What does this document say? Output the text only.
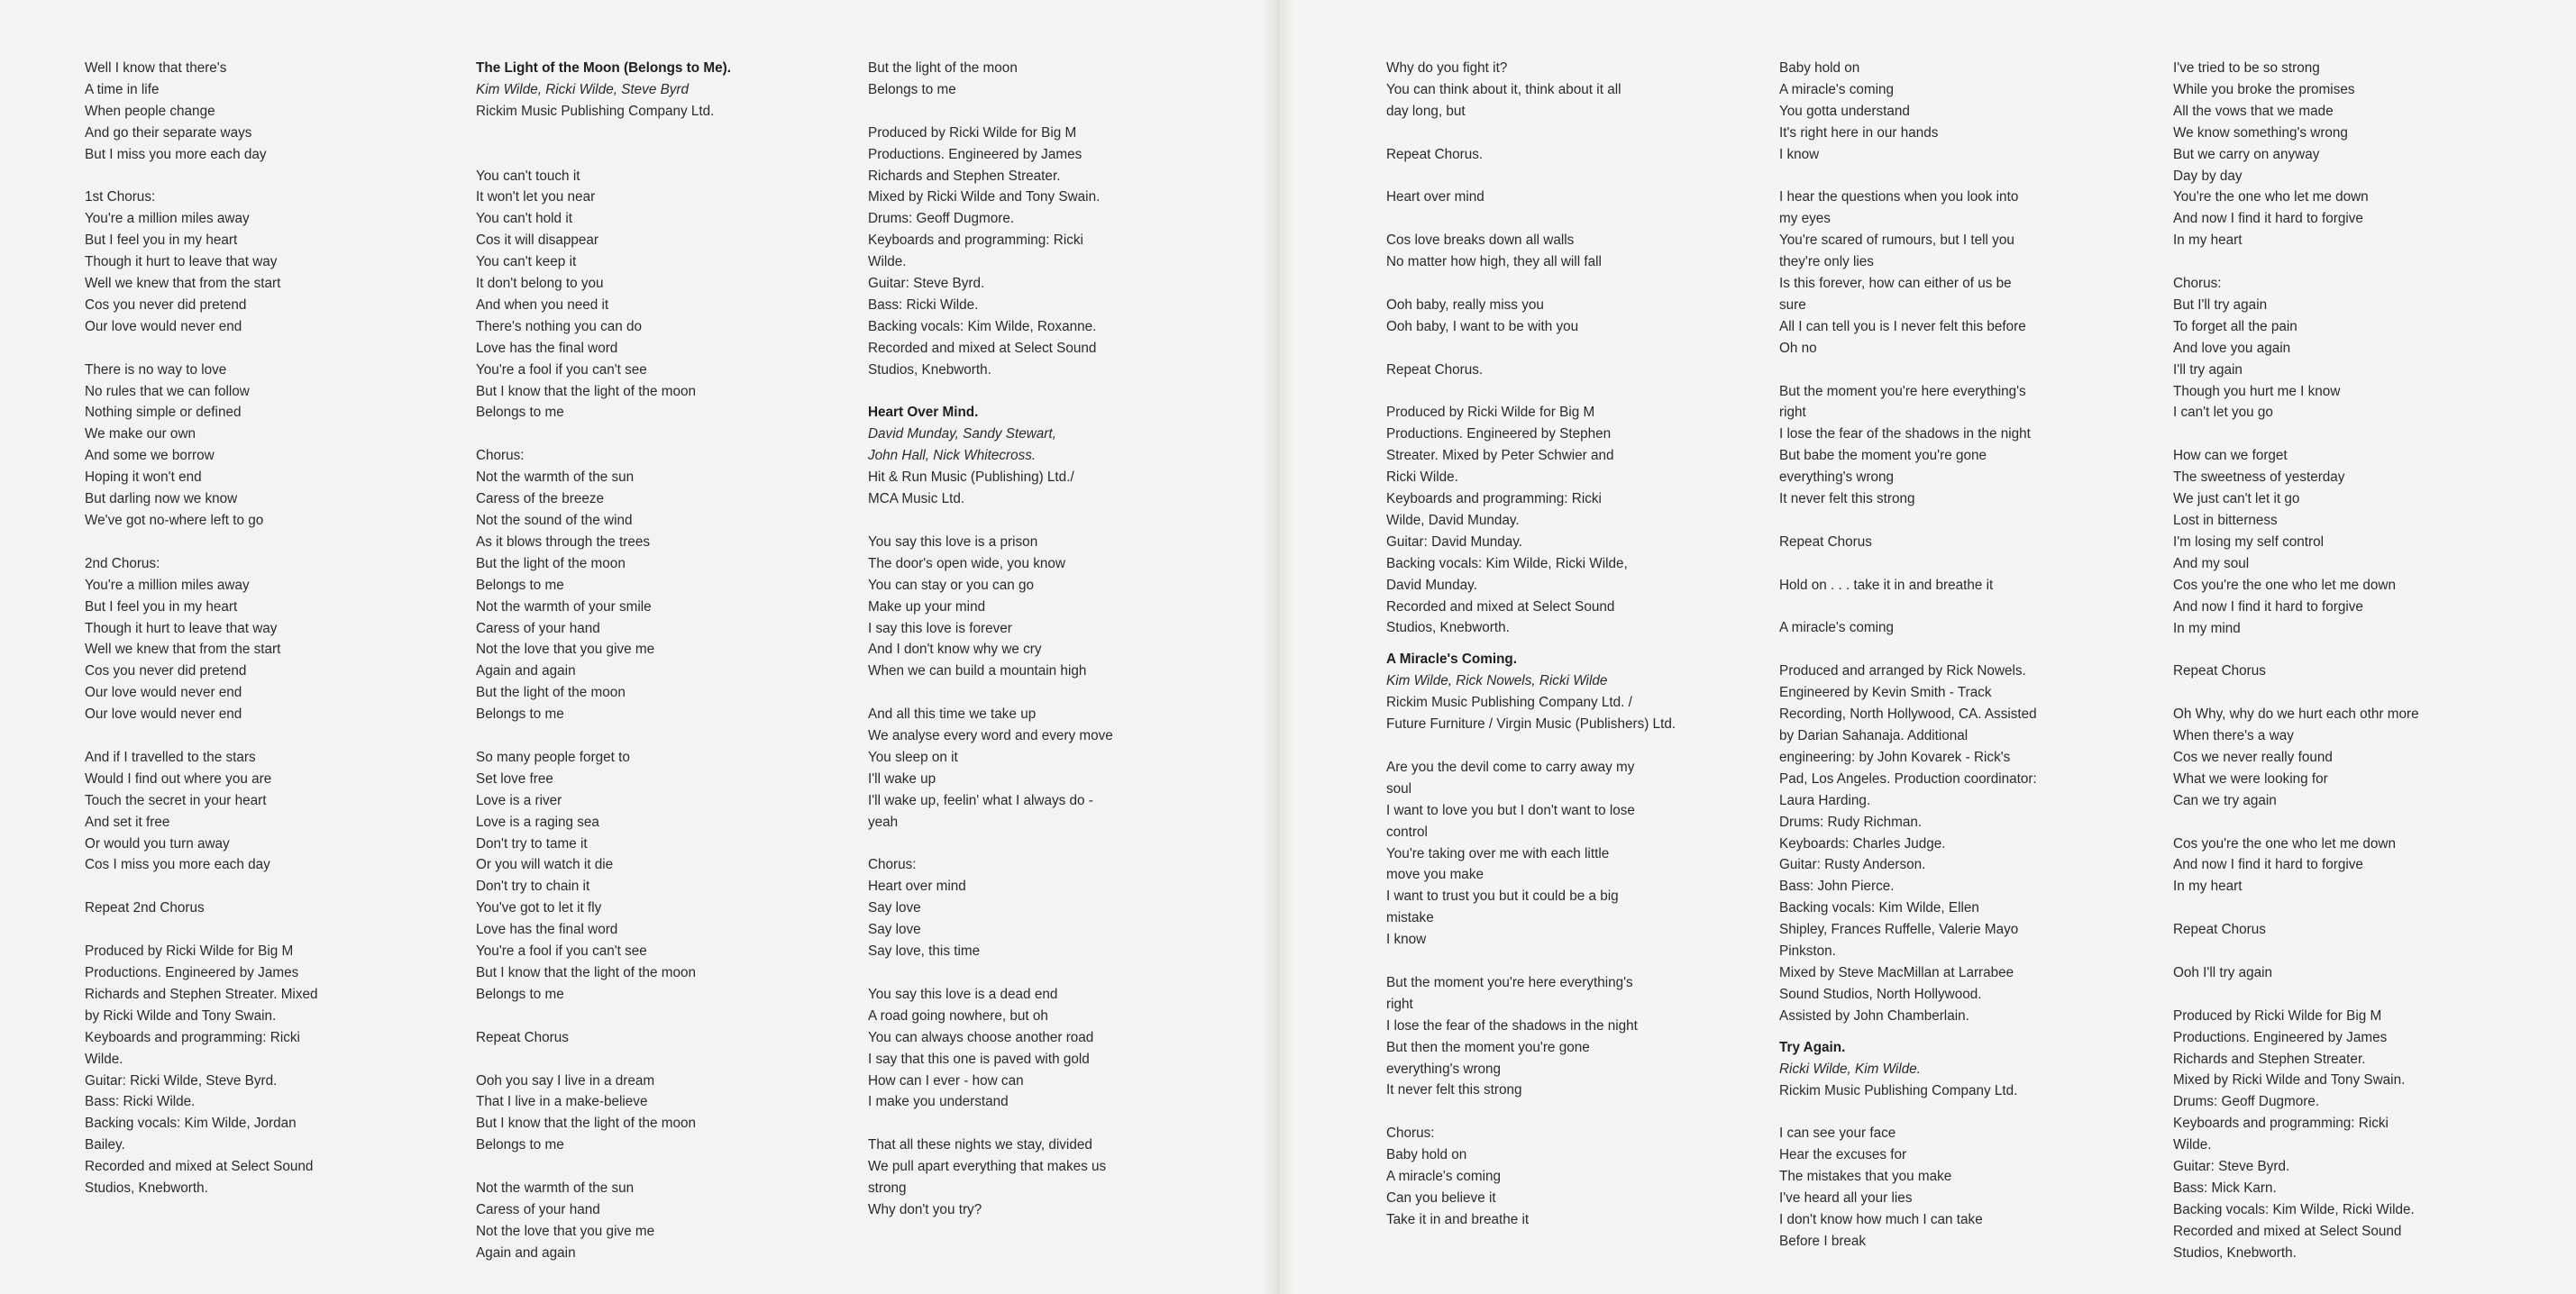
Well I know that there's
A time in life
When people change
And go their separate ways
But I miss you more each day
1st Chorus:
You're a million miles away
But I feel you in my heart
Though it hurt to leave that way
Well we knew that from the start
Cos you never did pretend
Our love would never end
There is no way to love
No rules that we can follow
Nothing simple or defined
We make our own
And some we borrow
Hoping it won't end
But darling now we know
We've got no-where left to go
2nd Chorus:
You're a million miles away
But I feel you in my heart
Though it hurt to leave that way
Well we knew that from the start
Cos you never did pretend
Our love would never end
Our love would never end
And if I travelled to the stars
Would I find out where you are
Touch the secret in your heart
And set it free
Or would you turn away
Cos I miss you more each day
Repeat 2nd Chorus
Produced by Ricki Wilde for Big M
Productions. Engineered by James
Richards and Stephen Streater. Mixed
by Ricki Wilde and Tony Swain.
Keyboards and programming: Ricki
Wilde.
Guitar: Ricki Wilde, Steve Byrd.
Bass: Ricki Wilde.
Backing vocals: Kim Wilde, Jordan
Bailey.
Recorded and mixed at Select Sound
Studios, Knebworth.
The Light of the Moon (Belongs to Me).
Kim Wilde, Ricki Wilde, Steve Byrd
Rickim Music Publishing Company Ltd.
You can't touch it
It won't let you near
You can't hold it
Cos it will disappear
You can't keep it
It don't belong to you
And when you need it
There's nothing you can do
Love has the final word
You're a fool if you can't see
But I know that the light of the moon
Belongs to me
Chorus:
Not the warmth of the sun
Caress of the breeze
Not the sound of the wind
As it blows through the trees
But the light of the moon
Belongs to me
Not the warmth of your smile
Caress of your hand
Not the love that you give me
Again and again
But the light of the moon
Belongs to me
So many people forget to
Set love free
Love is a river
Love is a raging sea
Don't try to tame it
Or you will watch it die
Don't try to chain it
You've got to let it fly
Love has the final word
You're a fool if you can't see
But I know that the light of the moon
Belongs to me
Repeat Chorus
Ooh you say I live in a dream
That I live in a make-believe
But I know that the light of the moon
Belongs to me
Not the warmth of the sun
Caress of your hand
Not the love that you give me
Again and again
But the light of the moon
Belongs to me
Produced by Ricki Wilde for Big M
Productions. Engineered by James
Richards and Stephen Streater.
Mixed by Ricki Wilde and Tony Swain.
Drums: Geoff Dugmore.
Keyboards and programming: Ricki
Wilde.
Guitar: Steve Byrd.
Bass: Ricki Wilde.
Backing vocals: Kim Wilde, Roxanne.
Recorded and mixed at Select Sound
Studios, Knebworth.
Heart Over Mind.
David Munday, Sandy Stewart,
John Hall, Nick Whitecross.
Hit & Run Music (Publishing) Ltd./
MCA Music Ltd.
You say this love is a prison
The door's open wide, you know
You can stay or you can go
Make up your mind
I say this love is forever
And I don't know why we cry
When we can build a mountain high
And all this time we take up
We analyse every word and every move
You sleep on it
I'll wake up
I'll wake up, feelin' what I always do -
yeah
Chorus:
Heart over mind
Say love
Say love
Say love, this time
You say this love is a dead end
A road going nowhere, but oh
You can always choose another road
I say that this one is paved with gold
How can I ever - how can
I make you understand
That all these nights we stay, divided
We pull apart everything that makes us
strong
Why don't you try?
Why do you fight it?
You can think about it, think about it all
day long, but
Repeat Chorus.
Heart over mind
Cos love breaks down all walls
No matter how high, they all will fall
Ooh baby, really miss you
Ooh baby, I want to be with you
Repeat Chorus.
Produced by Ricki Wilde for Big M
Productions. Engineered by Stephen
Streater. Mixed by Peter Schwier and
Ricki Wilde.
Keyboards and programming: Ricki
Wilde, David Munday.
Guitar: David Munday.
Backing vocals: Kim Wilde, Ricki Wilde,
David Munday.
Recorded and mixed at Select Sound
Studios, Knebworth.
A Miracle's Coming.
Kim Wilde, Rick Nowels, Ricki Wilde
Rickim Music Publishing Company Ltd. /
Future Furniture / Virgin Music (Publishers) Ltd.
Are you the devil come to carry away my
soul
I want to love you but I don't want to lose
control
You're taking over me with each little
move you make
I want to trust you but it could be a big
mistake
I know
But the moment you're here everything's
right
I lose the fear of the shadows in the night
But then the moment you're gone
everything's wrong
It never felt this strong
Chorus:
Baby hold on
A miracle's coming
Can you believe it
Take it in and breathe it
Baby hold on
A miracle's coming
You gotta understand
It's right here in our hands
I know
I hear the questions when you look into
my eyes
You're scared of rumours, but I tell you
they're only lies
Is this forever, how can either of us be
sure
All I can tell you is I never felt this before
Oh no
But the moment you're here everything's
right
I lose the fear of the shadows in the night
But babe the moment you're gone
everything's wrong
It never felt this strong
Repeat Chorus
Hold on . . . take it in and breathe it
A miracle's coming
Produced and arranged by Rick Nowels.
Engineered by Kevin Smith - Track
Recording, North Hollywood, CA. Assisted
by Darian Sahanaja. Additional
engineering: by John Kovarek - Rick's
Pad, Los Angeles. Production coordinator:
Laura Harding.
Drums: Rudy Richman.
Keyboards: Charles Judge.
Guitar: Rusty Anderson.
Bass: John Pierce.
Backing vocals: Kim Wilde, Ellen
Shipley, Frances Ruffelle, Valerie Mayo
Pinkston.
Mixed by Steve MacMillan at Larrabee
Sound Studios, North Hollywood.
Assisted by John Chamberlain.
Try Again.
Ricki Wilde, Kim Wilde.
Rickim Music Publishing Company Ltd.
I can see your face
Hear the excuses for
The mistakes that you make
I've heard all your lies
I don't know how much I can take
Before I break
I've tried to be so strong
While you broke the promises
All the vows that we made
We know something's wrong
But we carry on anyway
Day by day
You're the one who let me down
And now I find it hard to forgive
In my heart
Chorus:
But I'll try again
To forget all the pain
And love you again
I'll try again
Though you hurt me I know
I can't let you go
How can we forget
The sweetness of yesterday
We just can't let it go
Lost in bitterness
I'm losing my self control
And my soul
Cos you're the one who let me down
And now I find it hard to forgive
In my mind
Repeat Chorus
Oh Why, why do we hurt each othr more
When there's a way
Cos we never really found
What we were looking for
Can we try again
Cos you're the one who let me down
And now I find it hard to forgive
In my heart
Repeat Chorus
Ooh I'll try again
Produced by Ricki Wilde for Big M
Productions. Engineered by James
Richards and Stephen Streater.
Mixed by Ricki Wilde and Tony Swain.
Drums: Geoff Dugmore.
Keyboards and programming: Ricki
Wilde.
Guitar: Steve Byrd.
Bass: Mick Karn.
Backing vocals: Kim Wilde, Ricki Wilde.
Recorded and mixed at Select Sound
Studios, Knebworth.
